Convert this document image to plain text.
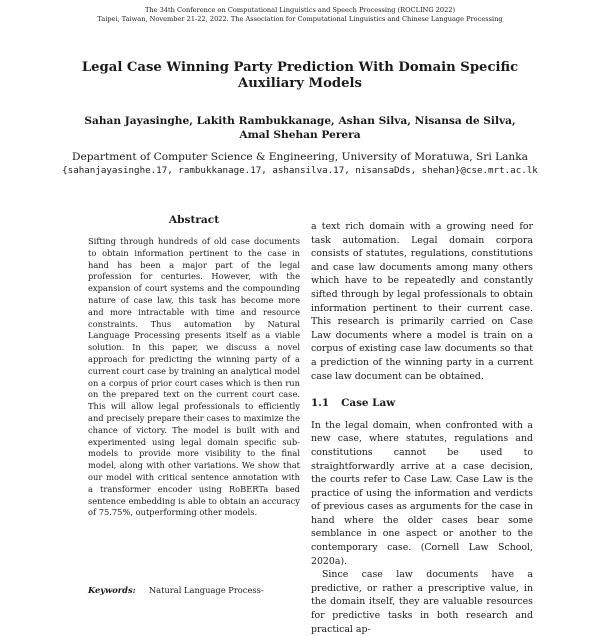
The 34th Conference on Computational Linguistics and Speech Processing (ROCLING 2022)
Taipei, Taiwan, November 21-22, 2022. The Association for Computational Linguistics and Chinese Language Processing
Legal Case Winning Party Prediction With Domain Specific
Auxiliary Models
Sahan Jayasinghe, Lakith Rambukkanage, Ashan Silva, Nisansa de Silva,
Amal Shehan Perera
Department of Computer Science & Engineering, University of Moratuwa, Sri Lanka
{sahanjayasinghe.17, rambukkanage.17, ashansilva.17, nisansaDds, shehan}@cse.mrt.ac.lk
Abstract

Sifting through hundreds of old case documents to obtain information pertinent to the case in hand has been a major part of the legal profession for centuries. However, with the expansion of court systems and the compounding nature of case law, this task has become more and more intractable with time and resource constraints. Thus automation by Natural Language Processing presents itself as a viable solution. In this paper, we discuss a novel approach for predicting the winning party of a current court case by training an analytical model on a corpus of prior court cases which is then run on the prepared text on the current court case. This will allow legal professionals to efficiently and precisely prepare their cases to maximize the chance of victory. The model is built with and experimented using legal domain specific sub-models to provide more visibility to the final model, along with other variations. We show that our model with critical sentence annotation with a transformer encoder using RoBERTa based sentence embedding is able to obtain an accuracy of 75.75%, outperforming other models.

Keywords: Natural Language Process-

a text rich domain with a growing need for task automation. Legal domain corpora consists of statutes, regulations, constitutions and case law documents among many others which have to be repeatedly and constantly sifted through by legal professionals to obtain information pertinent to their current case. This research is primarily carried on Case Law documents where a model is train on a corpus of existing case law documents so that a prediction of the winning party in a current case law document can be obtained.

1.1 Case Law

In the legal domain, when confronted with a new case, where statutes, regulations and constitutions cannot be used to straightforwardly arrive at a case decision, the courts refer to Case Law. Case Law is the practice of using the information and verdicts of previous cases as arguments for the case in hand where the older cases bear some semblance in one aspect or another to the contemporary case. (Cornell Law School, 2020a).

Since case law documents have a predictive, or rather a prescriptive value, in the domain itself, they are valuable resources for predictive tasks in both research and practical ap-
